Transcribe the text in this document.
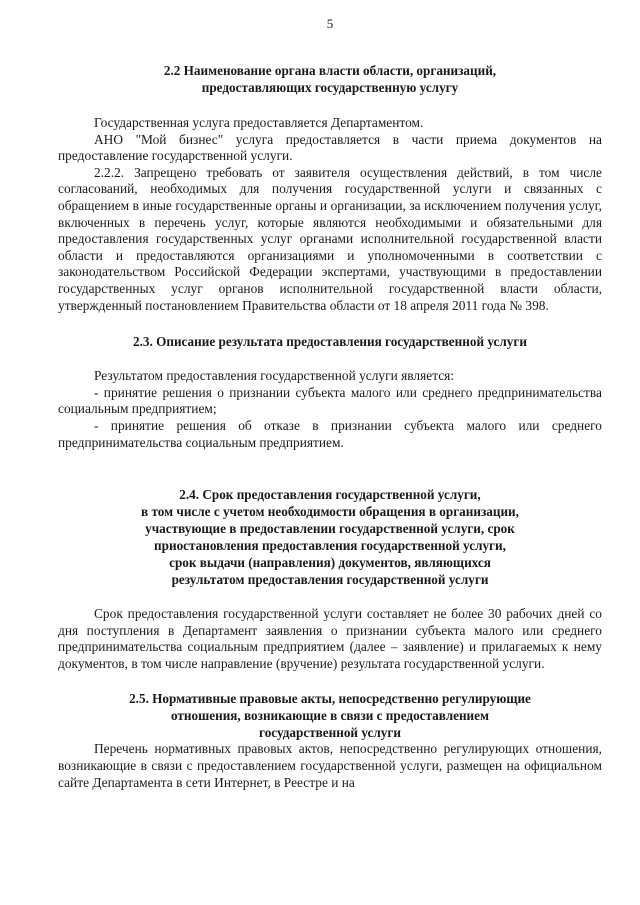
5
2.2 Наименование органа власти области, организаций,
предоставляющих государственную услугу

Государственная услуга предоставляется Департаментом.

АНО "Мой бизнес" услуга предоставляется в части приема документов на предоставление государственной услуги.

2.2.2. Запрещено требовать от заявителя осуществления действий, в том числе согласований, необходимых для получения государственной услуги и связанных с обращением в иные государственные органы и организации, за исключением получения услуг, включенных в перечень услуг, которые являются необходимыми и обязательными для предоставления государственных услуг органами исполнительной государственной власти области и предоставляются организациями и уполномоченными в соответствии с законодательством Российской Федерации экспертами, участвующими в предоставлении государственных услуг органов исполнительной государственной власти области, утвержденный постановлением Правительства области от 18 апреля 2011 года № 398.

2.3. Описание результата предоставления государственной услуги

Результатом предоставления государственной услуги является:

- принятие решения о признании субъекта малого или среднего предпринимательства социальным предприятием;

- принятие решения об отказе в признании субъекта малого или среднего предпринимательства социальным предприятием.

2.4. Срок предоставления государственной услуги,
в том числе с учетом необходимости обращения в организации,
участвующие в предоставлении государственной услуги, срок
приостановления предоставления государственной услуги,
срок выдачи (направления) документов, являющихся
результатом предоставления государственной услуги

Срок предоставления государственной услуги составляет не более 30 рабочих дней со дня поступления в Департамент заявления о признании субъекта малого или среднего предпринимательства социальным предприятием (далее – заявление) и прилагаемых к нему документов, в том числе направление (вручение) результата государственной услуги.

2.5. Нормативные правовые акты, непосредственно регулирующие
отношения, возникающие в связи с предоставлением
государственной услуги

Перечень нормативных правовых актов, непосредственно регулирующих отношения, возникающие в связи с предоставлением государственной услуги, размещен на официальном сайте Департамента в сети Интернет, в Реестре и на
